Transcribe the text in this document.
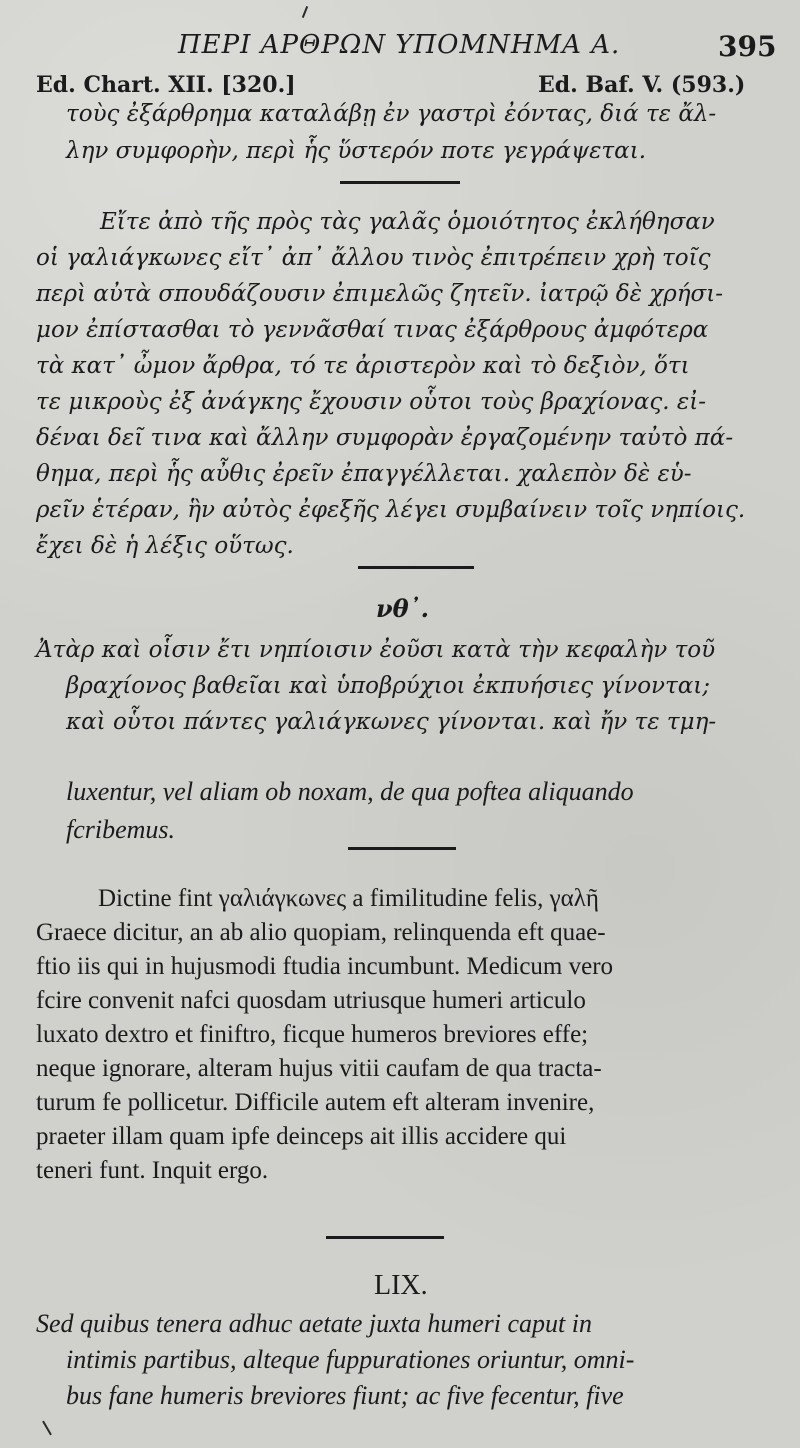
ΠΕΡΙ ΑΡΘΡΩΝ ΥΠΟΜΝΗΜΑ Α.	395
Ed. Chart. XII. [320.]	Ed. Baf. V. (593.)
τοὺς ἐξάρθρημα καταλάβῃ ἐν γαστρὶ ἐόντας, διά τε ἄλ-
λην συμφορὴν, περὶ ἧς ὕστερόν ποτε γεγράψεται.
Εἴτε ἀπὸ τῆς πρὸς τὰς γαλᾶς ὁμοιότητος ἐκλήθησαν
οἱ γαλιάγκωνες εἴτ᾽ ἀπ᾽ ἄλλου τινὸς ἐπιτρέπειν χρὴ τοῖς
περὶ αὐτὰ σπουδάζουσιν ἐπιμελῶς ζητεῖν. ἰατρῷ δὲ χρήσι-
μον ἐπίστασθαι τὸ γεννᾶσθαί τινας ἐξάρθρους ἀμφότερα
τὰ κατ᾽ ὦμον ἄρθρα, τό τε ἀριστερὸν καὶ τὸ δεξιὸν, ὅτι
τε μικροὺς ἐξ ἀνάγκης ἔχουσιν οὗτοι τοὺς βραχίονας. εἰ-
δέναι δεῖ τινα καὶ ἄλλην συμφορὰν ἐργαζομένην ταὐτὸ πά-
θημα, περὶ ἧς αὖθις ἐρεῖν ἐπαγγέλλεται. χαλεπὸν δὲ εὑ-
ρεῖν ἑτέραν, ἣν αὐτὸς ἐφεξῆς λέγει συμβαίνειν τοῖς νηπίοις.
ἔχει δὲ ἡ λέξις οὕτως.
νθ᾽.
Ἀτὰρ καὶ οἷσιν ἔτι νηπίοισιν ἐοῦσι κατὰ τὴν κεφαλὴν τοῦ
βραχίονος βαθεῖαι καὶ ὑποβρύχιοι ἐκπυήσιες γίνονται;
καὶ οὗτοι πάντες γαλιάγκωνες γίνονται. καὶ ἤν τε τμη-
luxentur, vel aliam ob noxam, de qua poftea aliquando
fcribemus.
Dictine fint γαλιάγκωνες a fimilitudine felis, γαλῆ
Graece dicitur, an ab alio quopiam, relinquenda eft quae-
ftio iis qui in hujusmodi ftudia incumbunt. Medicum vero
fcire convenit nafci quosdam utriusque humeri articulo
luxato dextro et finiftro, ficque humeros breviores effe;
neque ignorare, alteram hujus vitii caufam de qua tracta-
turum fe pollicetur. Difficile autem eft alteram invenire,
praeter illam quam ipfe deinceps ait illis accidere qui
teneri funt. Inquit ergo.
LIX.
Sed quibus tenera adhuc aetate juxta humeri caput in
intimis partibus, alteque fuppurationes oriuntur, omni-
bus fane humeris breviores fiunt; ac five fecentur, five
